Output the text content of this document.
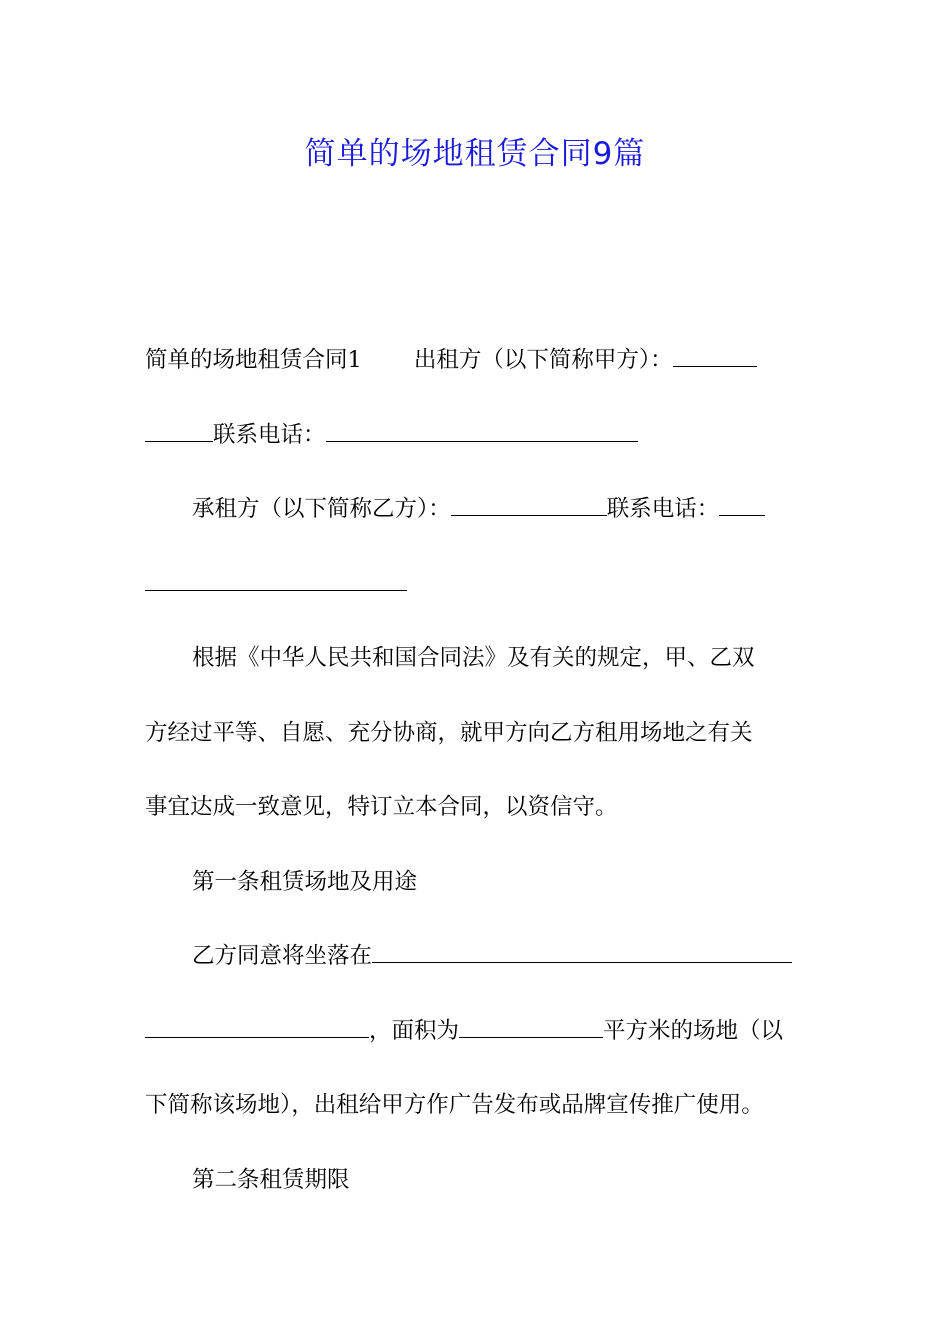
简单的场地租赁合同9篇
简单的场地租赁合同1 出租方（以下简称甲方）：
联系电话：
承租方（以下简称乙方）：	联系电话：
根据《中华人民共和国合同法》及有关的规定，甲、乙双
方经过平等、自愿、充分协商，就甲方向乙方租用场地之有关
事宜达成一致意见，特订立本合同，以资信守。
第一条租赁场地及用途
乙方同意将坐落在
，面积为	平方米的场地（以
下简称该场地），出租给甲方作广告发布或品牌宣传推广使用。
第二条租赁期限
